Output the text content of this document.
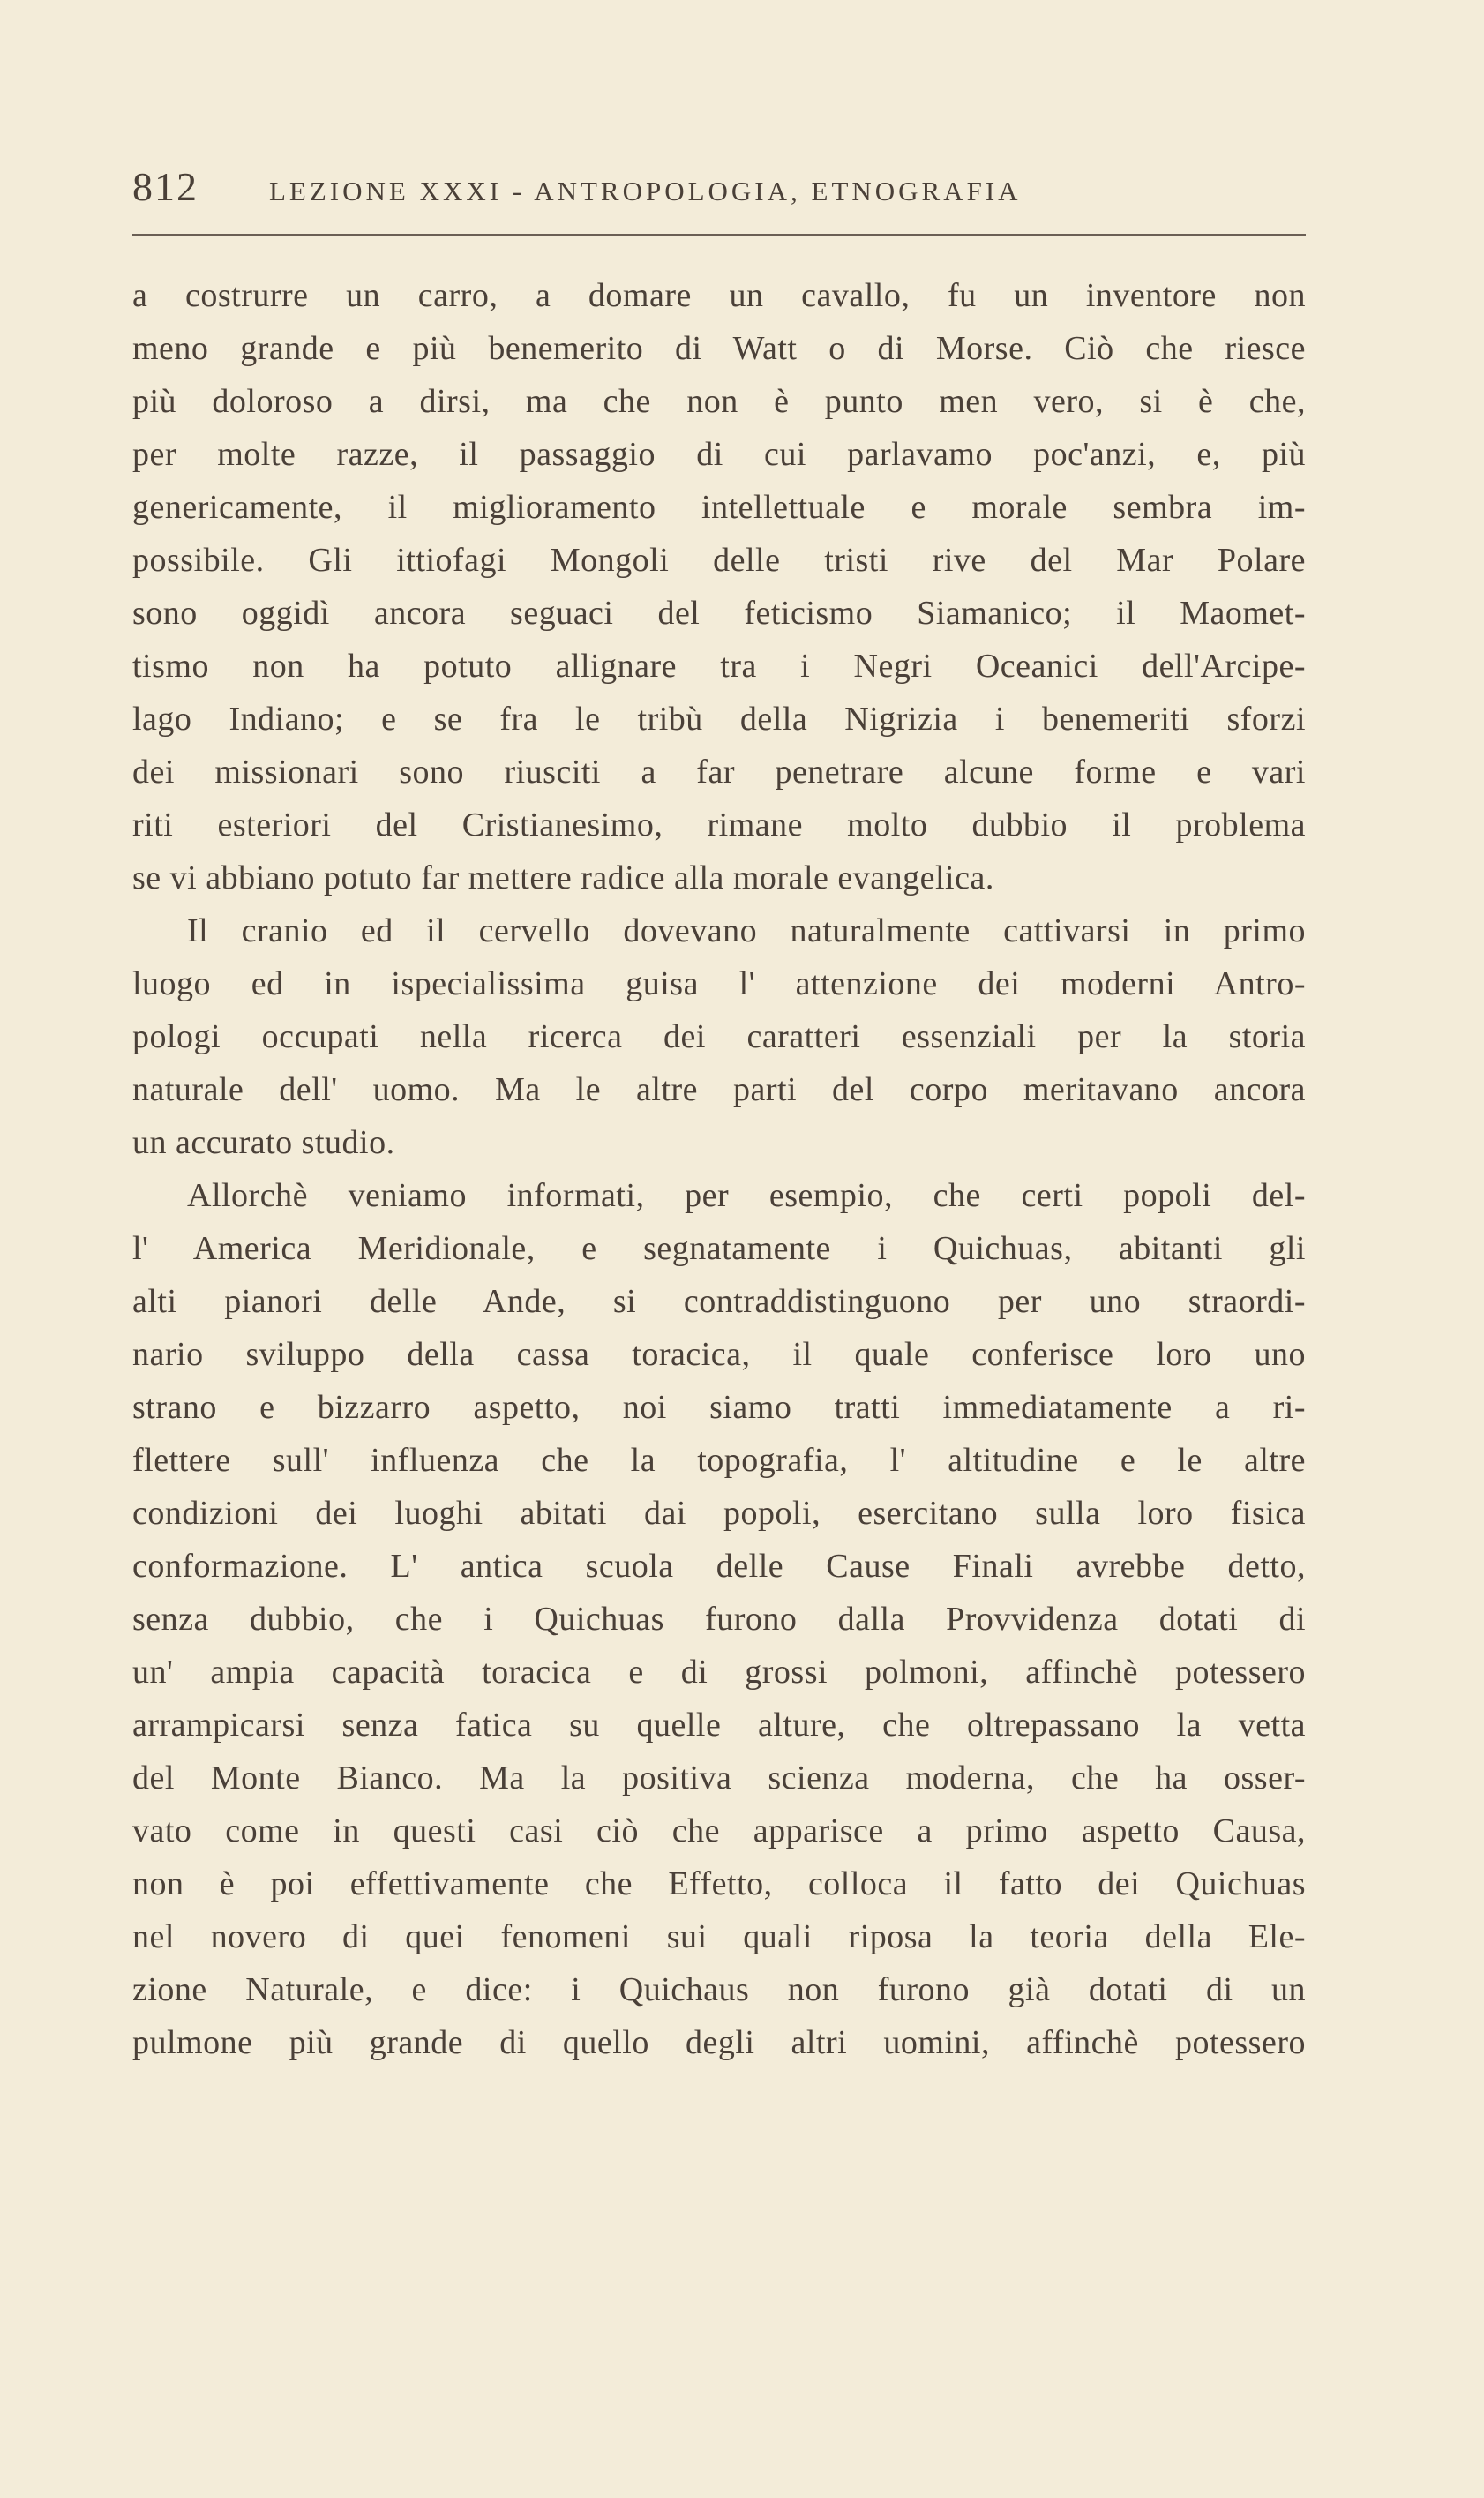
812	LEZIONE XXXI - ANTROPOLOGIA, ETNOGRAFIA
a costrurre un carro, a domare un cavallo, fu un inventore non
meno grande e più benemerito di Watt o di Morse. Ciò che riesce
più doloroso a dirsi, ma che non è punto men vero, si è che,
per molte razze, il passaggio di cui parlavamo poc'anzi, e, più
genericamente, il miglioramento intellettuale e morale sembra im-
possibile. Gli ittiofagi Mongoli delle tristi rive del Mar Polare
sono oggidì ancora seguaci del feticismo Siamanico; il Maomet-
tismo non ha potuto allignare tra i Negri Oceanici dell'Arcipe-
lago Indiano; e se fra le tribù della Nigrizia i benemeriti sforzi
dei missionari sono riusciti a far penetrare alcune forme e vari
riti esteriori del Cristianesimo, rimane molto dubbio il problema
se vi abbiano potuto far mettere radice alla morale evangelica.
Il cranio ed il cervello dovevano naturalmente cattivarsi in primo
luogo ed in ispecialissima guisa l' attenzione dei moderni Antro-
pologi occupati nella ricerca dei caratteri essenziali per la storia
naturale dell' uomo. Ma le altre parti del corpo meritavano ancora
un accurato studio.
Allorchè veniamo informati, per esempio, che certi popoli del-
l' America Meridionale, e segnatamente i Quichuas, abitanti gli
alti pianori delle Ande, si contraddistinguono per uno straordi-
nario sviluppo della cassa toracica, il quale conferisce loro uno
strano e bizzarro aspetto, noi siamo tratti immediatamente a ri-
flettere sull' influenza che la topografia, l' altitudine e le altre
condizioni dei luoghi abitati dai popoli, esercitano sulla loro fisica
conformazione. L' antica scuola delle Cause Finali avrebbe detto,
senza dubbio, che i Quichuas furono dalla Provvidenza dotati di
un' ampia capacità toracica e di grossi polmoni, affinchè potessero
arrampicarsi senza fatica su quelle alture, che oltrepassano la vetta
del Monte Bianco. Ma la positiva scienza moderna, che ha osser-
vato come in questi casi ciò che apparisce a primo aspetto Causa,
non è poi effettivamente che Effetto, colloca il fatto dei Quichuas
nel novero di quei fenomeni sui quali riposa la teoria della Ele-
zione Naturale, e dice: i Quichaus non furono già dotati di un
pulmone più grande di quello degli altri uomini, affinchè potessero
